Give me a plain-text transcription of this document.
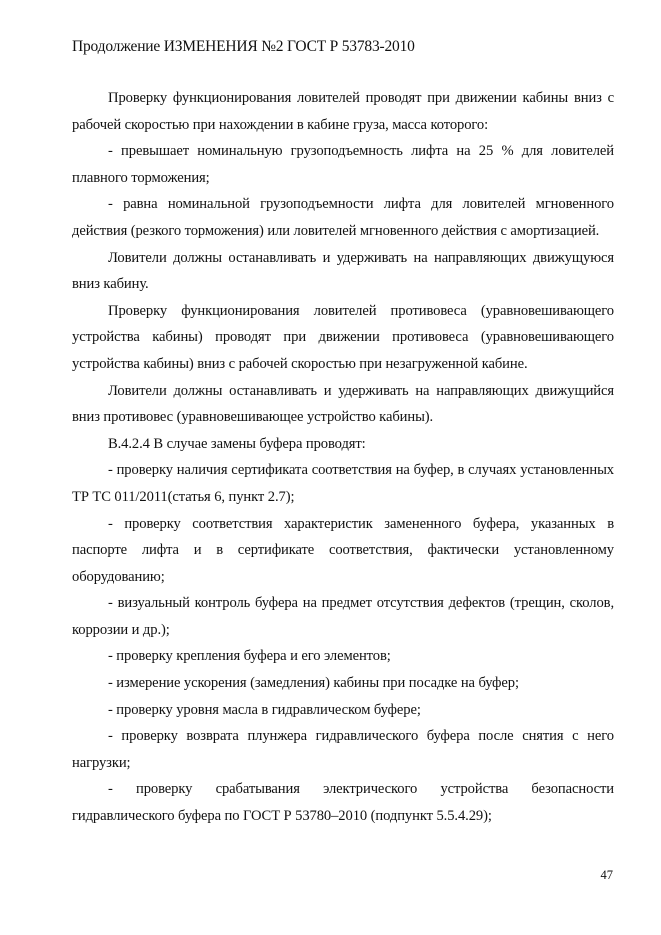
Продолжение ИЗМЕНЕНИЯ №2 ГОСТ Р 53783-2010

Проверку функционирования ловителей проводят при движении кабины вниз с рабочей скоростью при нахождении в кабине груза, масса которого:

- превышает номинальную грузоподъемность лифта на 25 % для ловителей плавного торможения;

- равна номинальной грузоподъемности лифта для ловителей мгновенного действия (резкого торможения) или ловителей мгновенного действия с амортизацией.

Ловители должны останавливать и удерживать на направляющих движущуюся вниз кабину.

Проверку функционирования ловителей противовеса (уравновешивающего устройства кабины) проводят при движении противовеса (уравновешивающего устройства кабины) вниз с рабочей скоростью при незагруженной кабине.

Ловители должны останавливать и удерживать на направляющих движущийся вниз противовес (уравновешивающее устройство кабины).

В.4.2.4 В случае замены буфера проводят:

- проверку наличия сертификата соответствия на буфер, в случаях установленных ТР ТС 011/2011(статья 6, пункт 2.7);

- проверку соответствия характеристик замененного буфера, указанных в паспорте лифта и в сертификате соответствия, фактически установленному оборудованию;

- визуальный контроль буфера на предмет отсутствия дефектов (трещин, сколов, коррозии и др.);

- проверку крепления буфера и его элементов;

- измерение ускорения (замедления) кабины при посадке на буфер;

- проверку уровня масла в гидравлическом буфере;

- проверку возврата плунжера гидравлического буфера после снятия с него нагрузки;

- проверку срабатывания электрического устройства безопасности гидравлического буфера по ГОСТ Р 53780–2010 (подпункт 5.5.4.29);

47
